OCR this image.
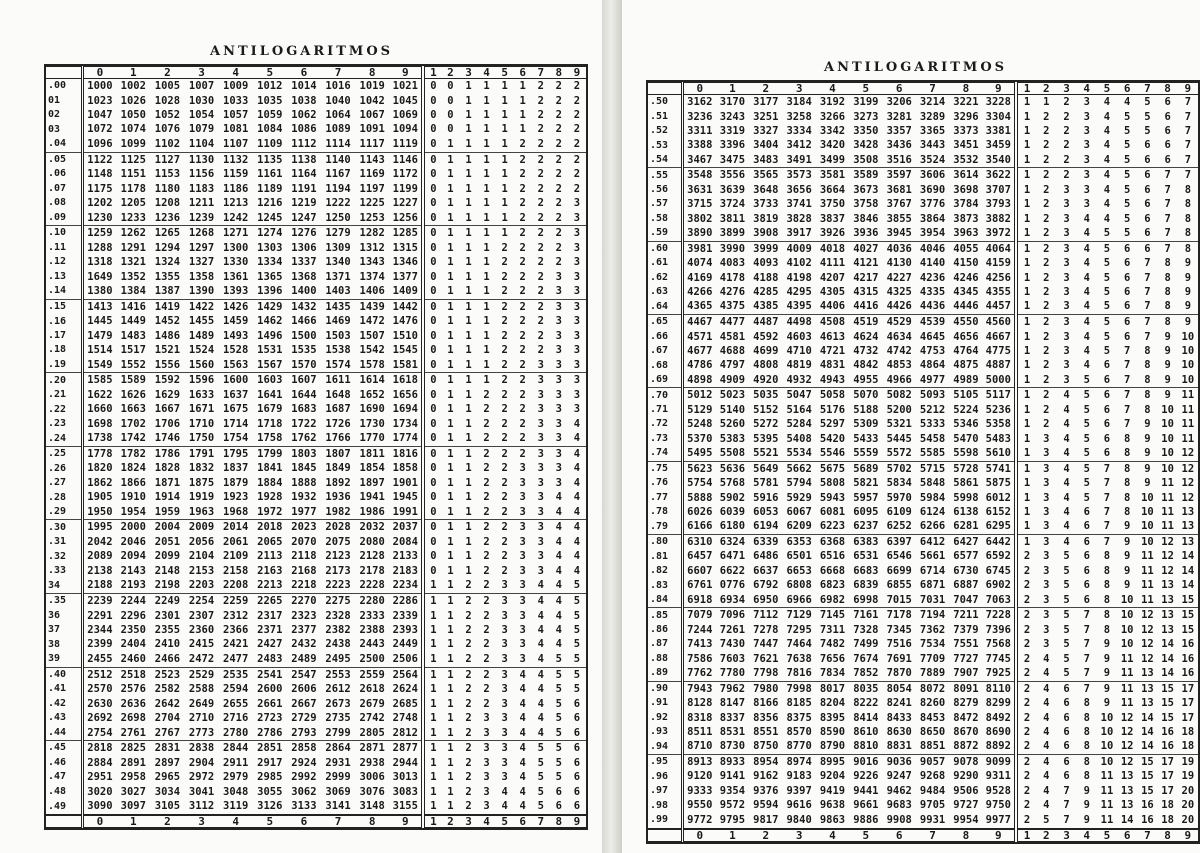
ANTILOGARITMOS
	0	1	2	3	4	5	6	7	8	9	1	2	3	4	5	6	7	8	9
.00	1000	1002	1005	1007	1009	1012	1014	1016	1019	1021	0	0	1	1	1	1	2	2	2
01	1023	1026	1028	1030	1033	1035	1038	1040	1042	1045	0	0	1	1	1	1	2	2	2
02	1047	1050	1052	1054	1057	1059	1062	1064	1067	1069	0	0	1	1	1	1	2	2	2
03	1072	1074	1076	1079	1081	1084	1086	1089	1091	1094	0	0	1	1	1	1	2	2	2
.04	1096	1099	1102	1104	1107	1109	1112	1114	1117	1119	0	1	1	1	1	2	2	2	2
.05	1122	1125	1127	1130	1132	1135	1138	1140	1143	1146	0	1	1	1	1	2	2	2	2
.06	1148	1151	1153	1156	1159	1161	1164	1167	1169	1172	0	1	1	1	1	2	2	2	2
.07	1175	1178	1180	1183	1186	1189	1191	1194	1197	1199	0	1	1	1	1	2	2	2	2
.08	1202	1205	1208	1211	1213	1216	1219	1222	1225	1227	0	1	1	1	1	2	2	2	3
.09	1230	1233	1236	1239	1242	1245	1247	1250	1253	1256	0	1	1	1	1	2	2	2	3
.10	1259	1262	1265	1268	1271	1274	1276	1279	1282	1285	0	1	1	1	1	2	2	2	3
.11	1288	1291	1294	1297	1300	1303	1306	1309	1312	1315	0	1	1	1	2	2	2	2	3
.12	1318	1321	1324	1327	1330	1334	1337	1340	1343	1346	0	1	1	1	2	2	2	2	3
.13	1649	1352	1355	1358	1361	1365	1368	1371	1374	1377	0	1	1	1	2	2	2	3	3
.14	1380	1384	1387	1390	1393	1396	1400	1403	1406	1409	0	1	1	1	2	2	2	3	3
.15	1413	1416	1419	1422	1426	1429	1432	1435	1439	1442	0	1	1	1	2	2	2	3	3
.16	1445	1449	1452	1455	1459	1462	1466	1469	1472	1476	0	1	1	1	2	2	2	3	3
.17	1479	1483	1486	1489	1493	1496	1500	1503	1507	1510	0	1	1	1	2	2	2	3	3
.18	1514	1517	1521	1524	1528	1531	1535	1538	1542	1545	0	1	1	1	2	2	2	3	3
.19	1549	1552	1556	1560	1563	1567	1570	1574	1578	1581	0	1	1	1	2	2	3	3	3
.20	1585	1589	1592	1596	1600	1603	1607	1611	1614	1618	0	1	1	1	2	2	3	3	3
.21	1622	1626	1629	1633	1637	1641	1644	1648	1652	1656	0	1	1	2	2	2	3	3	3
.22	1660	1663	1667	1671	1675	1679	1683	1687	1690	1694	0	1	1	2	2	2	3	3	3
.23	1698	1702	1706	1710	1714	1718	1722	1726	1730	1734	0	1	1	2	2	2	3	3	4
.24	1738	1742	1746	1750	1754	1758	1762	1766	1770	1774	0	1	1	2	2	2	3	3	4
.25	1778	1782	1786	1791	1795	1799	1803	1807	1811	1816	0	1	1	2	2	2	3	3	4
.26	1820	1824	1828	1832	1837	1841	1845	1849	1854	1858	0	1	1	2	2	3	3	3	4
.27	1862	1866	1871	1875	1879	1884	1888	1892	1897	1901	0	1	1	2	2	3	3	3	4
.28	1905	1910	1914	1919	1923	1928	1932	1936	1941	1945	0	1	1	2	2	3	3	4	4
.29	1950	1954	1959	1963	1968	1972	1977	1982	1986	1991	0	1	1	2	2	3	3	4	4
.30	1995	2000	2004	2009	2014	2018	2023	2028	2032	2037	0	1	1	2	2	3	3	4	4
.31	2042	2046	2051	2056	2061	2065	2070	2075	2080	2084	0	1	1	2	2	3	3	4	4
.32	2089	2094	2099	2104	2109	2113	2118	2123	2128	2133	0	1	1	2	2	3	3	4	4
.33	2138	2143	2148	2153	2158	2163	2168	2173	2178	2183	0	1	1	2	2	3	3	4	4
34	2188	2193	2198	2203	2208	2213	2218	2223	2228	2234	1	1	2	2	3	3	4	4	5
.35	2239	2244	2249	2254	2259	2265	2270	2275	2280	2286	1	1	2	2	3	3	4	4	5
36	2291	2296	2301	2307	2312	2317	2323	2328	2333	2339	1	1	2	2	3	3	4	4	5
37	2344	2350	2355	2360	2366	2371	2377	2382	2388	2393	1	1	2	2	3	3	4	4	5
38	2399	2404	2410	2415	2421	2427	2432	2438	2443	2449	1	1	2	2	3	3	4	4	5
39	2455	2460	2466	2472	2477	2483	2489	2495	2500	2506	1	1	2	2	3	3	4	5	5
.40	2512	2518	2523	2529	2535	2541	2547	2553	2559	2564	1	1	2	2	3	4	4	5	5
.41	2570	2576	2582	2588	2594	2600	2606	2612	2618	2624	1	1	2	2	3	4	4	5	5
.42	2630	2636	2642	2649	2655	2661	2667	2673	2679	2685	1	1	2	2	3	4	4	5	6
.43	2692	2698	2704	2710	2716	2723	2729	2735	2742	2748	1	1	2	3	3	4	4	5	6
.44	2754	2761	2767	2773	2780	2786	2793	2799	2805	2812	1	1	2	3	3	4	4	5	6
.45	2818	2825	2831	2838	2844	2851	2858	2864	2871	2877	1	1	2	3	3	4	5	5	6
.46	2884	2891	2897	2904	2911	2917	2924	2931	2938	2944	1	1	2	3	3	4	5	5	6
.47	2951	2958	2965	2972	2979	2985	2992	2999	3006	3013	1	1	2	3	3	4	5	5	6
.48	3020	3027	3034	3041	3048	3055	3062	3069	3076	3083	1	1	2	3	4	4	5	6	6
.49	3090	3097	3105	3112	3119	3126	3133	3141	3148	3155	1	1	2	3	4	4	5	6	6
	0	1	2	3	4	5	6	7	8	9	1	2	3	4	5	6	7	8	9
ANTILOGARITMOS
	0	1	2	3	4	5	6	7	8	9	1	2	3	4	5	6	7	8	9
.50	3162	3170	3177	3184	3192	3199	3206	3214	3221	3228	1	1	2	3	4	4	5	6	7
.51	3236	3243	3251	3258	3266	3273	3281	3289	3296	3304	1	2	2	3	4	5	5	6	7
.52	3311	3319	3327	3334	3342	3350	3357	3365	3373	3381	1	2	2	3	4	5	5	6	7
.53	3388	3396	3404	3412	3420	3428	3436	3443	3451	3459	1	2	2	3	4	5	6	6	7
.54	3467	3475	3483	3491	3499	3508	3516	3524	3532	3540	1	2	2	3	4	5	6	6	7
.55	3548	3556	3565	3573	3581	3589	3597	3606	3614	3622	1	2	2	3	4	5	6	7	7
.56	3631	3639	3648	3656	3664	3673	3681	3690	3698	3707	1	2	3	3	4	5	6	7	8
.57	3715	3724	3733	3741	3750	3758	3767	3776	3784	3793	1	2	3	3	4	5	6	7	8
.58	3802	3811	3819	3828	3837	3846	3855	3864	3873	3882	1	2	3	4	4	5	6	7	8
.59	3890	3899	3908	3917	3926	3936	3945	3954	3963	3972	1	2	3	4	5	5	6	7	8
.60	3981	3990	3999	4009	4018	4027	4036	4046	4055	4064	1	2	3	4	5	6	6	7	8
.61	4074	4083	4093	4102	4111	4121	4130	4140	4150	4159	1	2	3	4	5	6	7	8	9
.62	4169	4178	4188	4198	4207	4217	4227	4236	4246	4256	1	2	3	4	5	6	7	8	9
.63	4266	4276	4285	4295	4305	4315	4325	4335	4345	4355	1	2	3	4	5	6	7	8	9
.64	4365	4375	4385	4395	4406	4416	4426	4436	4446	4457	1	2	3	4	5	6	7	8	9
.65	4467	4477	4487	4498	4508	4519	4529	4539	4550	4560	1	2	3	4	5	6	7	8	9
.66	4571	4581	4592	4603	4613	4624	4634	4645	4656	4667	1	2	3	4	5	6	7	9	10
.67	4677	4688	4699	4710	4721	4732	4742	4753	4764	4775	1	2	3	4	5	7	8	9	10
.68	4786	4797	4808	4819	4831	4842	4853	4864	4875	4887	1	2	3	4	6	7	8	9	10
.69	4898	4909	4920	4932	4943	4955	4966	4977	4989	5000	1	2	3	5	6	7	8	9	10
.70	5012	5023	5035	5047	5058	5070	5082	5093	5105	5117	1	2	4	5	6	7	8	9	11
.71	5129	5140	5152	5164	5176	5188	5200	5212	5224	5236	1	2	4	5	6	7	8	10	11
.72	5248	5260	5272	5284	5297	5309	5321	5333	5346	5358	1	2	4	5	6	7	9	10	11
.73	5370	5383	5395	5408	5420	5433	5445	5458	5470	5483	1	3	4	5	6	8	9	10	11
.74	5495	5508	5521	5534	5546	5559	5572	5585	5598	5610	1	3	4	5	6	8	9	10	12
.75	5623	5636	5649	5662	5675	5689	5702	5715	5728	5741	1	3	4	5	7	8	9	10	12
.76	5754	5768	5781	5794	5808	5821	5834	5848	5861	5875	1	3	4	5	7	8	9	11	12
.77	5888	5902	5916	5929	5943	5957	5970	5984	5998	6012	1	3	4	5	7	8	10	11	12
.78	6026	6039	6053	6067	6081	6095	6109	6124	6138	6152	1	3	4	6	7	8	10	11	13
.79	6166	6180	6194	6209	6223	6237	6252	6266	6281	6295	1	3	4	6	7	9	10	11	13
.80	6310	6324	6339	6353	6368	6383	6397	6412	6427	6442	1	3	4	6	7	9	10	12	13
.81	6457	6471	6486	6501	6516	6531	6546	5661	6577	6592	2	3	5	6	8	9	11	12	14
.82	6607	6622	6637	6653	6668	6683	6699	6714	6730	6745	2	3	5	6	8	9	11	12	14
.83	6761	0776	6792	6808	6823	6839	6855	6871	6887	6902	2	3	5	6	8	9	11	13	14
.84	6918	6934	6950	6966	6982	6998	7015	7031	7047	7063	2	3	5	6	8	10	11	13	15
.85	7079	7096	7112	7129	7145	7161	7178	7194	7211	7228	2	3	5	7	8	10	12	13	15
.86	7244	7261	7278	7295	7311	7328	7345	7362	7379	7396	2	3	5	7	8	10	12	13	15
.87	7413	7430	7447	7464	7482	7499	7516	7534	7551	7568	2	3	5	7	9	10	12	14	16
.88	7586	7603	7621	7638	7656	7674	7691	7709	7727	7745	2	4	5	7	9	11	12	14	16
.89	7762	7780	7798	7816	7834	7852	7870	7889	7907	7925	2	4	5	7	9	11	13	14	16
.90	7943	7962	7980	7998	8017	8035	8054	8072	8091	8110	2	4	6	7	9	11	13	15	17
.91	8128	8147	8166	8185	8204	8222	8241	8260	8279	8299	2	4	6	8	9	11	13	15	17
.92	8318	8337	8356	8375	8395	8414	8433	8453	8472	8492	2	4	6	8	10	12	14	15	17
.93	8511	8531	8551	8570	8590	8610	8630	8650	8670	8690	2	4	6	8	10	12	14	16	18
.94	8710	8730	8750	8770	8790	8810	8831	8851	8872	8892	2	4	6	8	10	12	14	16	18
.95	8913	8933	8954	8974	8995	9016	9036	9057	9078	9099	2	4	6	8	10	12	15	17	19
.96	9120	9141	9162	9183	9204	9226	9247	9268	9290	9311	2	4	6	8	11	13	15	17	19
.97	9333	9354	9376	9397	9419	9441	9462	9484	9506	9528	2	4	7	9	11	13	15	17	20
.98	9550	9572	9594	9616	9638	9661	9683	9705	9727	9750	2	4	7	9	11	13	16	18	20
.99	9772	9795	9817	9840	9863	9886	9908	9931	9954	9977	2	5	7	9	11	14	16	18	20
	0	1	2	3	4	5	6	7	8	9	1	2	3	4	5	6	7	8	9
